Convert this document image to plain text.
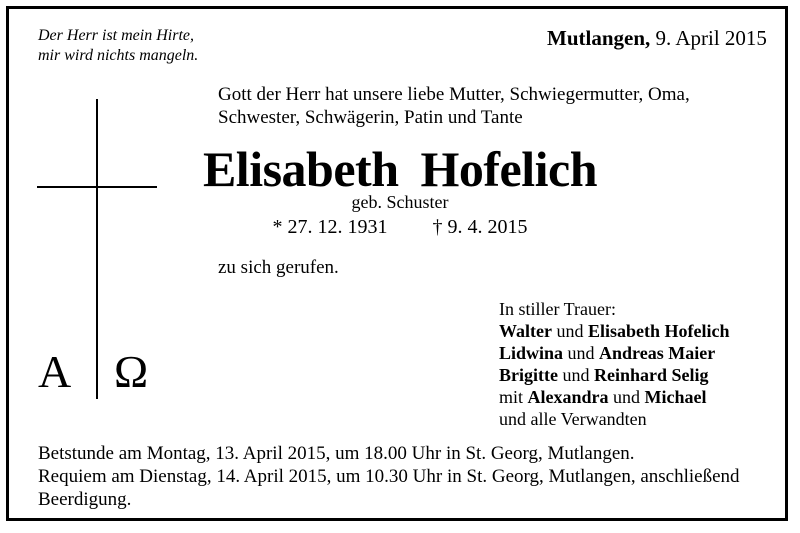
Der Herr ist mein Hirte,
mir wird nichts mangeln.
Mutlangen, 9. April 2015
Gott der Herr hat unsere liebe Mutter, Schwiegermutter, Oma,
Schwester, Schwägerin, Patin und Tante
Elisabeth Hofelich
geb. Schuster
* 27. 12. 1931 † 9. 4. 2015
zu sich gerufen.
A Ω
In stiller Trauer:
Walter und Elisabeth Hofelich
Lidwina und Andreas Maier
Brigitte und Reinhard Selig
mit Alexandra und Michael
und alle Verwandten
Betstunde am Montag, 13. April 2015, um 18.00 Uhr in St. Georg, Mutlangen.
Requiem am Dienstag, 14. April 2015, um 10.30 Uhr in St. Georg, Mutlangen, anschließend
Beerdigung.
